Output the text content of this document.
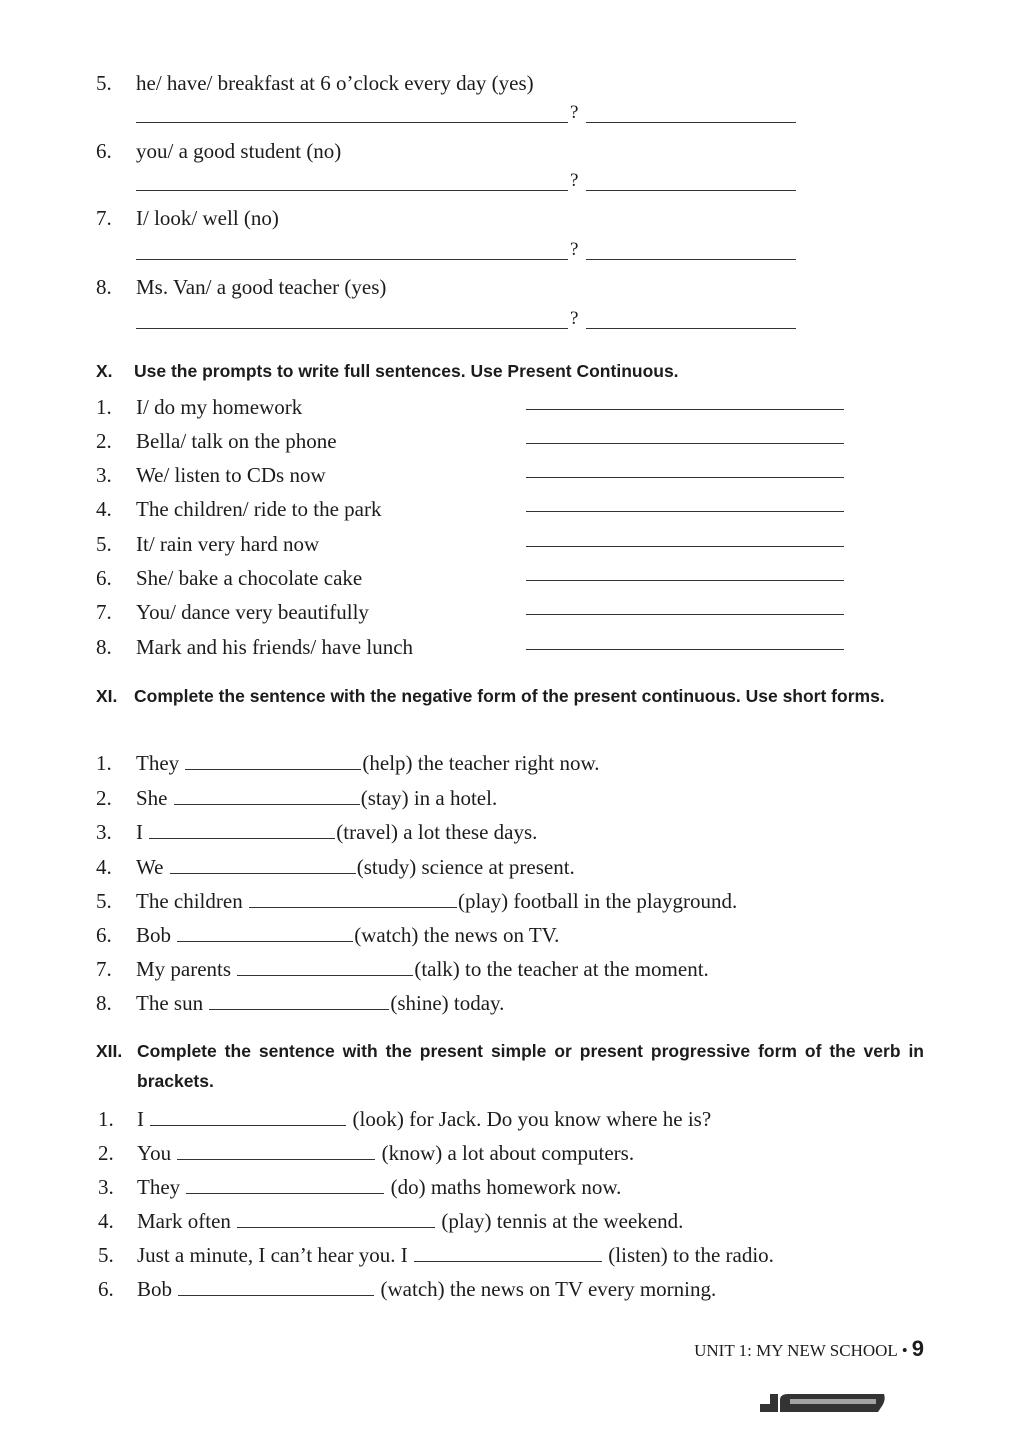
5. he/ have/ breakfast at 6 o’clock every day (yes)
?
6. you/ a good student (no)
?
7. I/ look/ well (no)
?
8. Ms. Van/ a good teacher (yes)
?
X. Use the prompts to write full sentences. Use Present Continuous.
1. I/ do my homework
2. Bella/ talk on the phone
3. We/ listen to CDs now
4. The children/ ride to the park
5. It/ rain very hard now
6. She/ bake a chocolate cake
7. You/ dance very beautifully
8. Mark and his friends/ have lunch
XI. Complete the sentence with the negative form of the present continuous. Use short forms.
1. They	(help) the teacher right now.
2. She	(stay) in a hotel.
3. I	(travel) a lot these days.
4. We	(study) science at present.
5. The children	(play) football in the playground.
6. Bob	(watch) the news on TV.
7. My parents	(talk) to the teacher at the moment.
8. The sun	(shine) today.
XII. Complete the sentence with the present simple or present progressive form of the verb in brackets.
1. I	(look) for Jack. Do you know where he is?
2. You	(know) a lot about computers.
3. They	(do) maths homework now.
4. Mark often	(play) tennis at the weekend.
5. Just a minute, I can’t hear you. I	(listen) to the radio.
6. Bob	(watch) the news on TV every morning.
UNIT 1: MY NEW SCHOOL • 9
